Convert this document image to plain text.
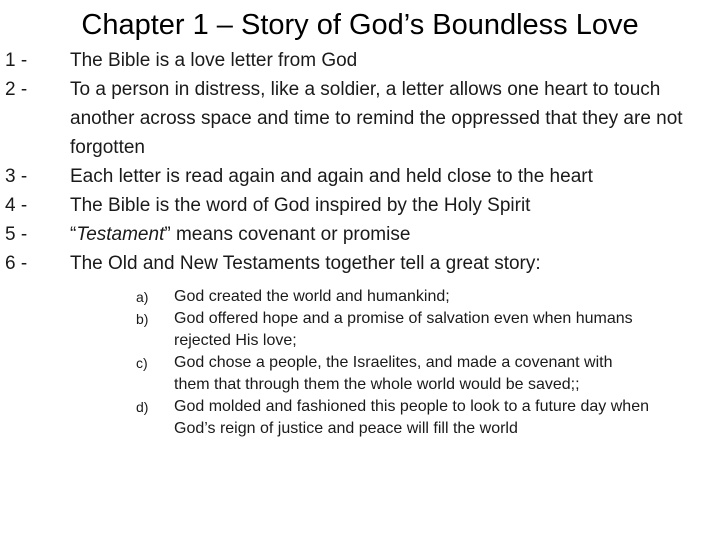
Chapter 1 – Story of God’s Boundless Love
1 -	The Bible is a love letter from God
2 -	To a person in distress, like a soldier, a letter allows one heart to touch another across space and time to remind the oppressed that they are not forgotten
3 -	Each letter is read again and again and held close to the heart
4 -	The Bible is the word of God inspired by the Holy Spirit
5 -	“Testament” means covenant or promise
6 -	The Old and New Testaments together tell a great story:
a)	God created the world and humankind;
b)	God offered hope and a promise of salvation even when humans rejected His love;
c)	God chose a people, the Israelites, and made a covenant with them that through them the whole world would be saved;;
d)	God molded and fashioned this people to look to a future day when God’s reign of justice and peace will fill the world
